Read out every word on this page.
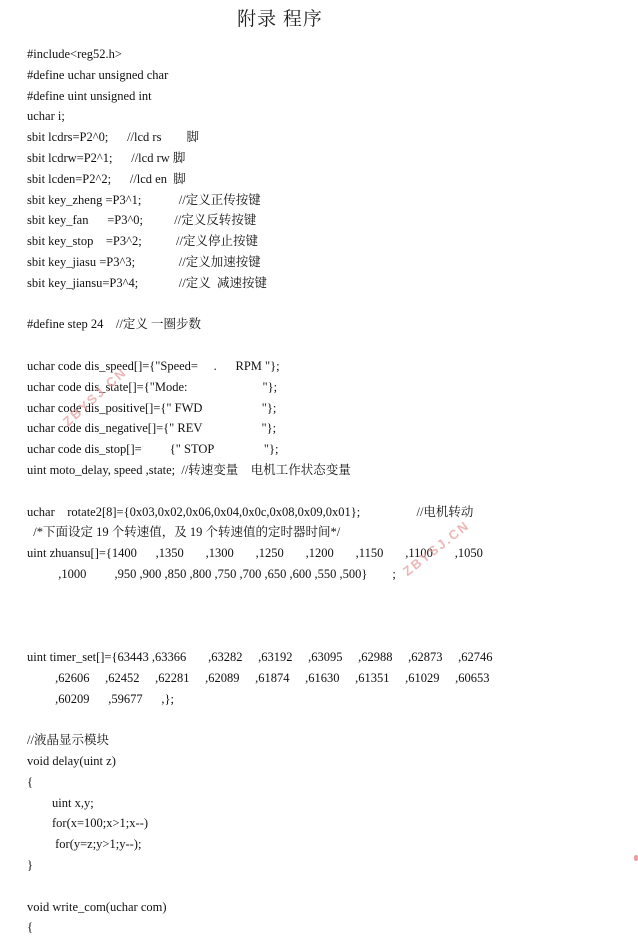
附录 程序
#include<reg52.h>
#define uchar unsigned char
#define uint unsigned int
uchar i;
sbit lcdrs=P2^0;      //lcd rs        脚
sbit lcdrw=P2^1;      //lcd rw 脚
sbit lcden=P2^2;      //lcd en  脚
sbit key_zheng =P3^1;            //定义正传按键
sbit key_fan      =P3^0;          //定义反转按键
sbit key_stop    =P3^2;           //定义停止按键
sbit key_jiasu =P3^3;              //定义加速按键
sbit key_jiansu=P3^4;             //定义  减速按键
#define step 24    //定义 一圈步数
uchar code dis_speed[]={"Speed=     .      RPM "};
uchar code dis_state[]={"Mode:                        "};
uchar code dis_positive[]={" FWD                   "};
uchar code dis_negative[]={" REV                   "};
uchar code dis_stop[]=         {" STOP                "};
uint moto_delay, speed ,state;  //转速变量    电机工作状态变量
uchar    rotate2[8]={0x03,0x02,0x06,0x04,0x0c,0x08,0x09,0x01};                  //电机转动
/*下面设定 19 个转速值，及 19 个转速值的定时器时间*/
uint zhuansu[]={1400      ,1350       ,1300       ,1250       ,1200       ,1150       ,1100       ,1050
,1000         ,950 ,900 ,850 ,800 ,750 ,700 ,650 ,600 ,550 ,500}        ;
uint timer_set[]={63443 ,63366       ,63282     ,63192     ,63095     ,62988     ,62873     ,62746
,62606     ,62452     ,62281     ,62089     ,61874     ,61630     ,61351     ,61029     ,60653
,60209      ,59677      ,};
//液晶显示模块
void delay(uint z)
{
uint x,y;
for(x=100;x>1;x--)
for(y=z;y>1;y--);
}
void write_com(uchar com)
{
ZBYSJ.CN
ZBYSJ.CN
